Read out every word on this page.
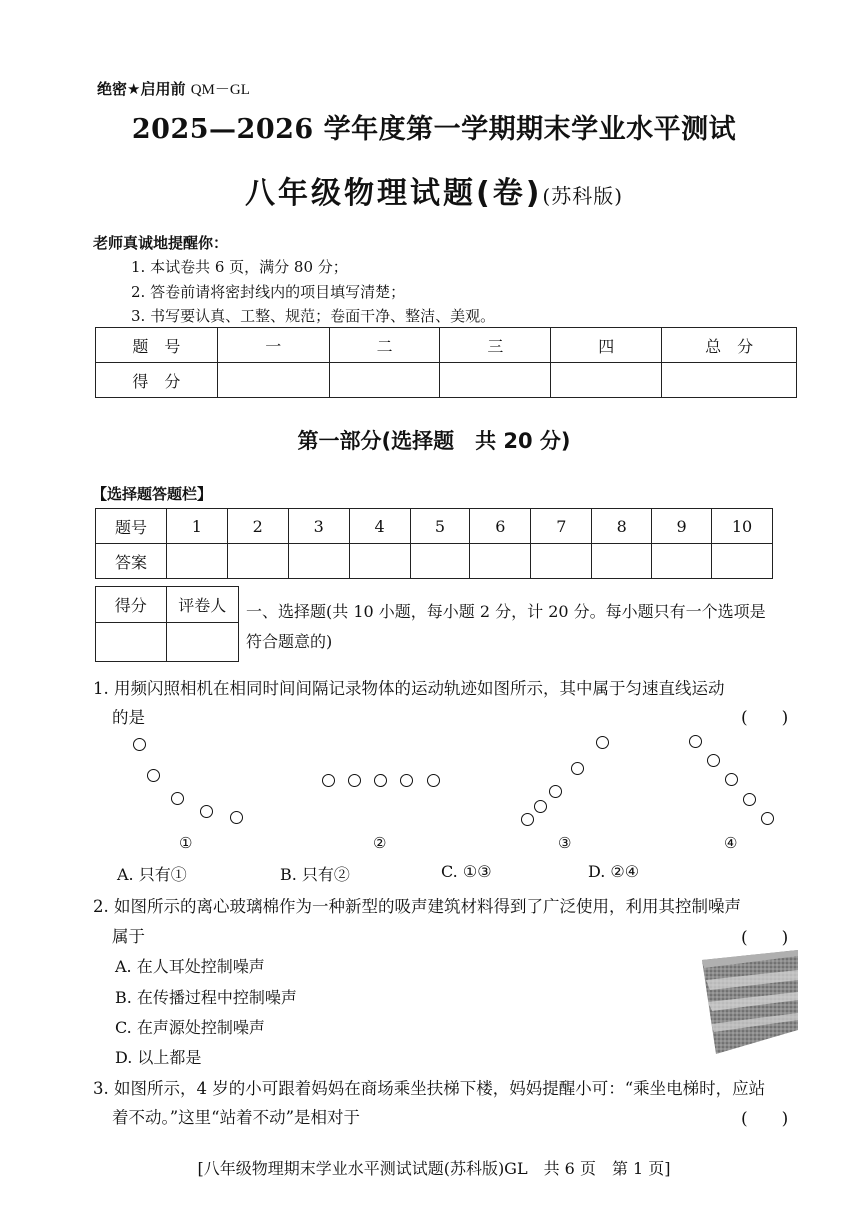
绝密★启用前 QM－GL
2025—2026 学年度第一学期期末学业水平测试
八年级物理试题(卷)(苏科版)
老师真诚地提醒你：
1. 本试卷共 6 页，满分 80 分；
2. 答卷前请将密封线内的项目填写清楚；
3. 书写要认真、工整、规范；卷面干净、整洁、美观。
题　号	一	二	三	四	总　分
得　分					
第一部分(选择题　共 20 分)
【选择题答题栏】
题号	1	2	3	4	5	6	7	8	9	10
答案										
得分	评卷人
	一、选择题(共 10 小题，每小题 2 分，计 20 分。每小题只有一个选项是
符合题意的)
1. 用频闪照相机在相同时间间隔记录物体的运动轨迹如图所示，其中属于匀速直线运动
的是	(　　)
①	②	③	④
A. 只有①	B. 只有②	C. ①③	D. ②④
2. 如图所示的离心玻璃棉作为一种新型的吸声建筑材料得到了广泛使用，利用其控制噪声
属于	(　　)
A. 在人耳处控制噪声
B. 在传播过程中控制噪声
C. 在声源处控制噪声
D. 以上都是
3. 如图所示，4 岁的小可跟着妈妈在商场乘坐扶梯下楼，妈妈提醒小可：“乘坐电梯时，应站
着不动。”这里“站着不动”是相对于	(　　)
[八年级物理期末学业水平测试试题(苏科版)GL　共 6 页　第 1 页]
